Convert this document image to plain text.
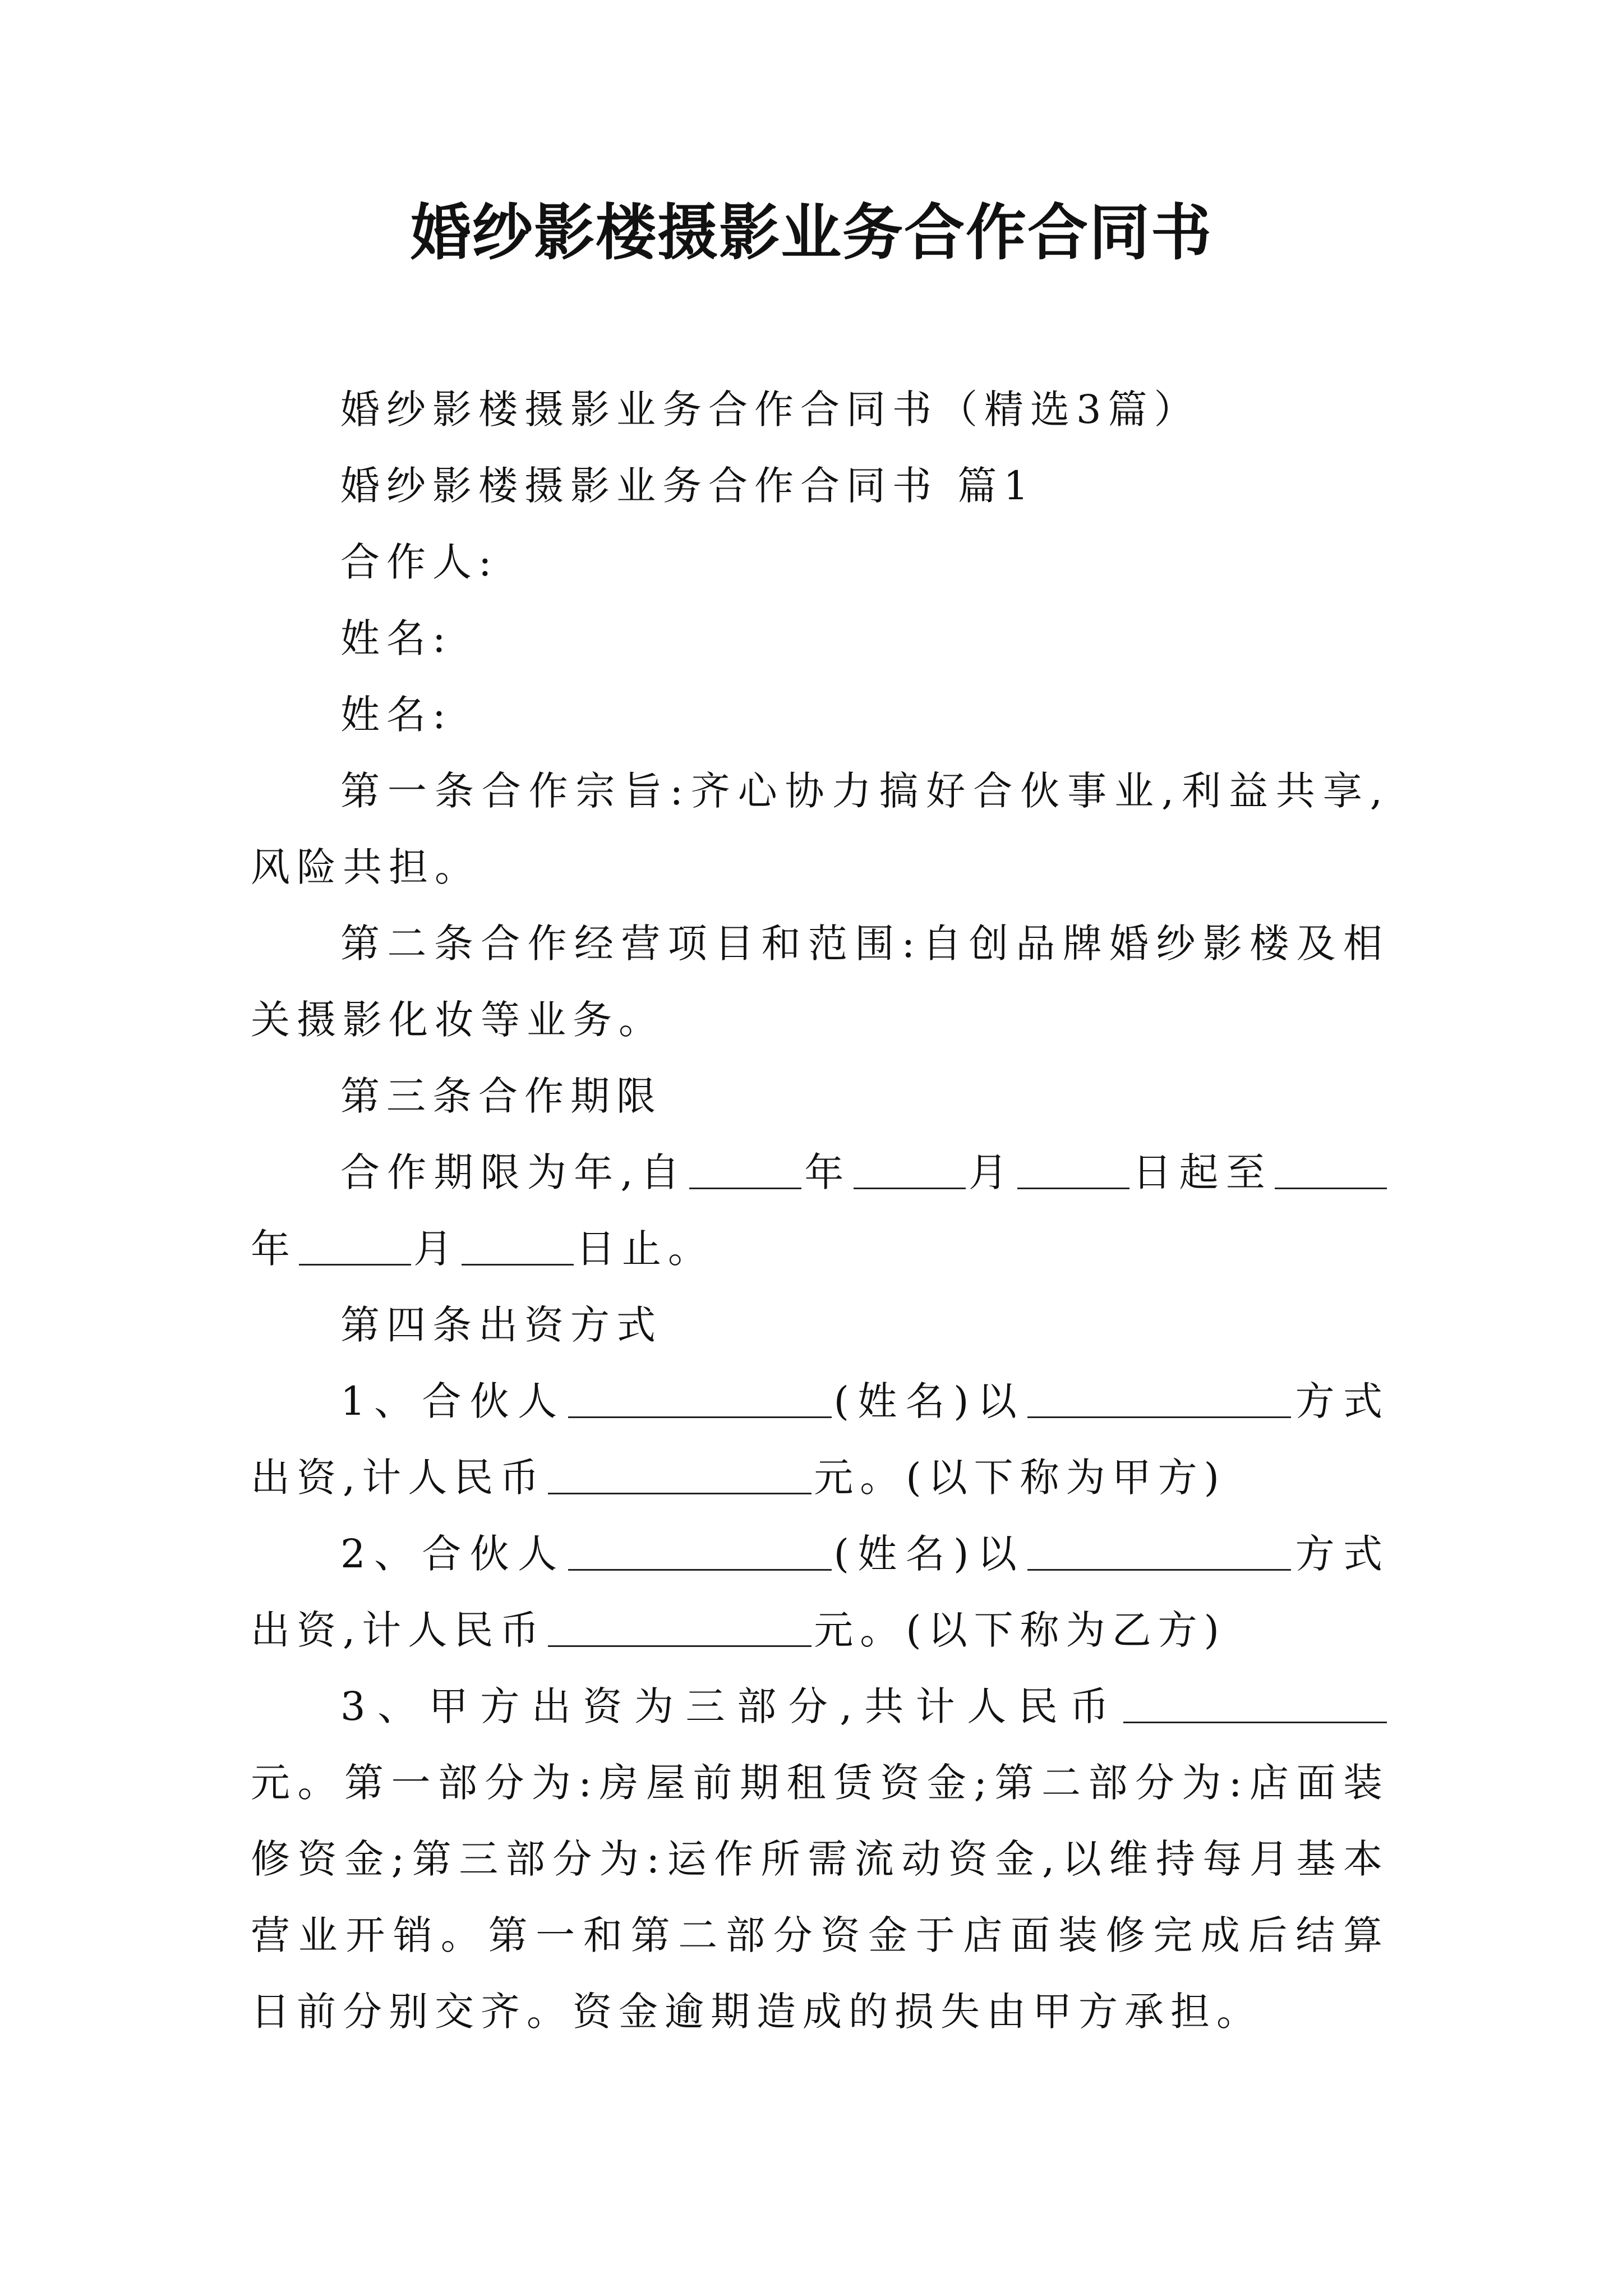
婚纱影楼摄影业务合作合同书

婚纱影楼摄影业务合作合同书（精选3篇）

婚纱影楼摄影业务合作合同书 篇1

合作人:

姓名:

姓名:

第一条合作宗旨:齐心协力搞好合伙事业,利益共享,风险共担。

第二条合作经营项目和范围:自创品牌婚纱影楼及相关摄影化妆等业务。

第三条合作期限

合作期限为年,自	年	月	日起至年	月	日止。

第四条出资方式

1、合伙人	(姓名)以	方式出资,计人民币	元。(以下称为甲方)

2、合伙人	(姓名)以	方式出资,计人民币	元。(以下称为乙方)

3、甲方出资为三部分,共计人民币元。第一部分为:房屋前期租赁资金;第二部分为:店面装修资金;第三部分为:运作所需流动资金,以维持每月基本营业开销。第一和第二部分资金于店面装修完成后结算日前分别交齐。资金逾期造成的损失由甲方承担。
